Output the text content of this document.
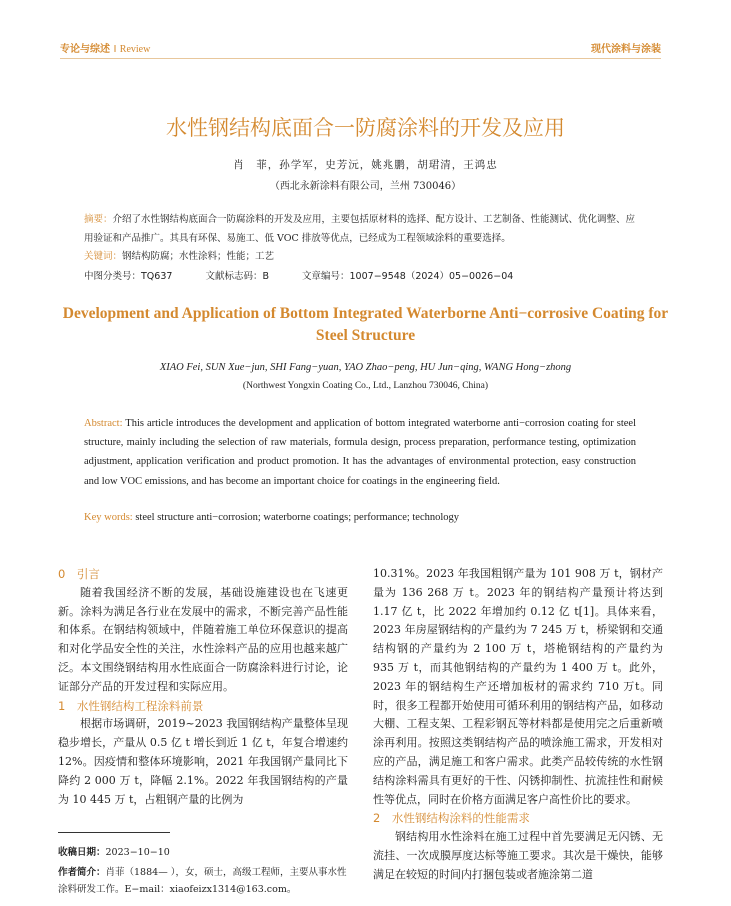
专论与综述 ‖ Review	现代涂料与涂装
水性钢结构底面合一防腐涂料的开发及应用
肖　菲，孙学军，史芳沅，姚兆鹏，胡珺清，王鸿忠
（西北永新涂料有限公司，兰州 730046）
摘要：介绍了水性钢结构底面合一防腐涂料的开发及应用，主要包括原材料的选择、配方设计、工艺制备、性能测试、优化调整、应用验证和产品推广。其具有环保、易施工、低 VOC 排放等优点，已经成为工程领域涂料的重要选择。
关键词：钢结构防腐；水性涂料；性能；工艺
中图分类号：TQ637	文献标志码：B	文章编号：1007−9548（2024）05−0026−04
Development and Application of Bottom Integrated Waterborne Anti−corrosive Coating for Steel Structure
XIAO Fei, SUN Xue−jun, SHI Fang−yuan, YAO Zhao−peng, HU Jun−qing, WANG Hong−zhong
(Northwest Yongxin Coating Co., Ltd., Lanzhou 730046, China)
Abstract: This article introduces the development and application of bottom integrated waterborne anti−corrosion coating for steel structure, mainly including the selection of raw materials, formula design, process preparation, performance testing, optimization adjustment, application verification and product promotion. It has the advantages of environmental protection, easy construction and low VOC emissions, and has become an important choice for coatings in the engineering field.
Key words: steel structure anti−corrosion; waterborne coatings; performance; technology
0　引言
随着我国经济不断的发展，基础设施建设也在飞速更新。涂料为满足各行业在发展中的需求，不断完善产品性能和体系。在钢结构领域中，伴随着施工单位环保意识的提高和对化学品安全性的关注，水性涂料产品的应用也越来越广泛。本文围绕钢结构用水性底面合一防腐涂料进行讨论，论证部分产品的开发过程和实际应用。
1　水性钢结构工程涂料前景
根据市场调研，2019~2023 我国钢结构产量整体呈现稳步增长，产量从 0.5 亿 t 增长到近 1 亿 t，年复合增速约 12%。因疫情和整体环境影响，2021 年我国钢产量同比下降约 2 000 万 t，降幅 2.1%。2022 年我国钢结构的产量为 10 445 万 t，占粗钢产量的比例为
收稿日期：2023−10−10
作者简介：肖菲（1884— ），女，硕士，高级工程师，主要从事水性涂料研发工作。E−mail：xiaofeizx1314@163.com。
10.31%。2023 年我国粗钢产量为 101 908 万 t，钢材产量为 136 268 万 t。2023 年的钢结构产量预计将达到 1.17 亿 t，比 2022 年增加约 0.12 亿 t[1]。具体来看，2023 年房屋钢结构的产量约为 7 245 万 t，桥梁钢和交通结构钢的产量约为 2 100 万 t，塔桅钢结构的产量约为 935 万 t，而其他钢结构的产量约为 1 400 万 t。此外，2023 年的钢结构生产还增加板材的需求约 710 万t。同时，很多工程都开始使用可循环利用的钢结构产品，如移动大棚、工程支架、工程彩钢瓦等材料都是使用完之后重新喷涂再利用。按照这类钢结构产品的喷涂施工需求，开发相对应的产品，满足施工和客户需求。此类产品较传统的水性钢结构涂料需具有更好的干性、闪锈抑制性、抗流挂性和耐候性等优点，同时在价格方面满足客户高性价比的要求。
2　水性钢结构涂料的性能需求
钢结构用水性涂料在施工过程中首先要满足无闪锈、无流挂、一次成膜厚度达标等施工要求。其次是干燥快，能够满足在较短的时间内打捆包装或者施涂第二道
